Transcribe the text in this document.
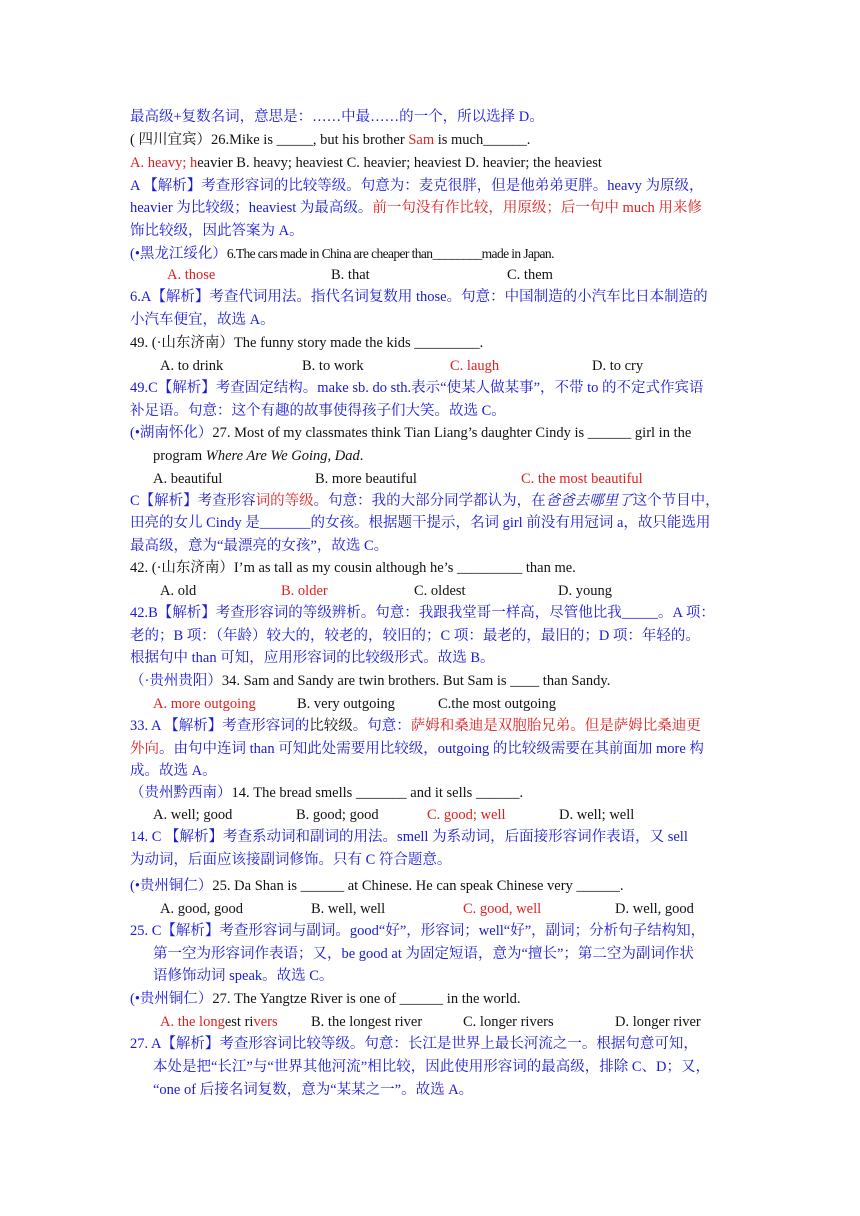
A. those	B. that	C. them
A. to drink	B. to work	C. laugh	D. to cry
program Where Are We Going, Dad.
A. beautiful	B. more beautiful	C. the most beautiful
A. old	B. older	C. oldest	D. young
A. more outgoing	B. very outgoing	C.the most outgoing
A. well; good	B. good; good	C. good; well	D. well; well
A. good, good	B. well, well	C. good, well	D. well, good
A. the longest rivers B. the longest river	C. longer rivers	D. longer river
最高级+复数名词，意思是：……中最……的一个，所以选择 D。
( 四川宜宾）26.Mike is _____, but his brother Sam is much______.
A. heavy; heavier B. heavy; heaviest C. heavier; heaviest D. heavier; the heaviest
A 【解析】考查形容词的比较等级。句意为：麦克很胖，但是他弟弟更胖。heavy 为原级，
heavier 为比较级；heaviest 为最高级。前一句没有作比较，用原级；后一句中 much 用来修
饰比较级，因此答案为 A。
(•黑龙江绥化）6.The cars made in China are cheaper than________made in Japan.
6.A【解析】考查代词用法。指代名词复数用 those。句意：中国制造的小汽车比日本制造的
小汽车便宜，故选 A。
49. (·山东济南）The funny story made the kids _________.
49.C【解析】考查固定结构。make sb. do sth.表示“使某人做某事”，不带 to 的不定式作宾语
补足语。句意：这个有趣的故事使得孩子们大笑。故选 C。
(•湖南怀化）27. Most of my classmates think Tian Liang’s daughter Cindy is ______ girl in the
C【解析】考查形容词的等级。句意：我的大部分同学都认为，在爸爸去哪里了这个节目中，
田亮的女儿 Cindy 是_______的女孩。根据题干提示，名词 girl 前没有用冠词 a，故只能选用
最高级，意为“最漂亮的女孩”，故选 C。
42. (·山东济南）I’m as tall as my cousin although he’s _________ than me.
42.B【解析】考查形容词的等级辨析。句意：我跟我堂哥一样高，尽管他比我_____。A 项：
老的；B 项：（年龄）较大的，较老的，较旧的；C 项：最老的，最旧的；D 项：年轻的。
根据句中 than 可知，应用形容词的比较级形式。故选 B。
（·贵州贵阳）34. Sam and Sandy are twin brothers. But Sam is ____ than Sandy.
33. A 【解析】考查形容词的比较级。句意：萨姆和桑迪是双胞胎兄弟。但是萨姆比桑迪更
外向。由句中连词 than 可知此处需要用比较级，outgoing 的比较级需要在其前面加 more 构
成。故选 A。
（贵州黔西南）14. The bread smells _______ and it sells ______.
14. C 【解析】考查系动词和副词的用法。smell 为系动词，后面接形容词作表语，又 sell
为动词，后面应该接副词修饰。只有 C 符合题意。
(•贵州铜仁）25. Da Shan is ______ at Chinese. He can speak Chinese very ______.
25. C【解析】考查形容词与副词。good“好”，形容词；well“好”，副词；分析句子结构知，
第一空为形容词作表语；又，be good at 为固定短语，意为“擅长”；第二空为副词作状
语修饰动词 speak。故选 C。
(•贵州铜仁）27. The Yangtze River is one of ______ in the world.
27. A【解析】考查形容词比较等级。句意：长江是世界上最长河流之一。根据句意可知，
本处是把“长江”与“世界其他河流”相比较，因此使用形容词的最高级，排除 C、D；又，
“one of 后接名词复数，意为“某某之一”。故选 A。
